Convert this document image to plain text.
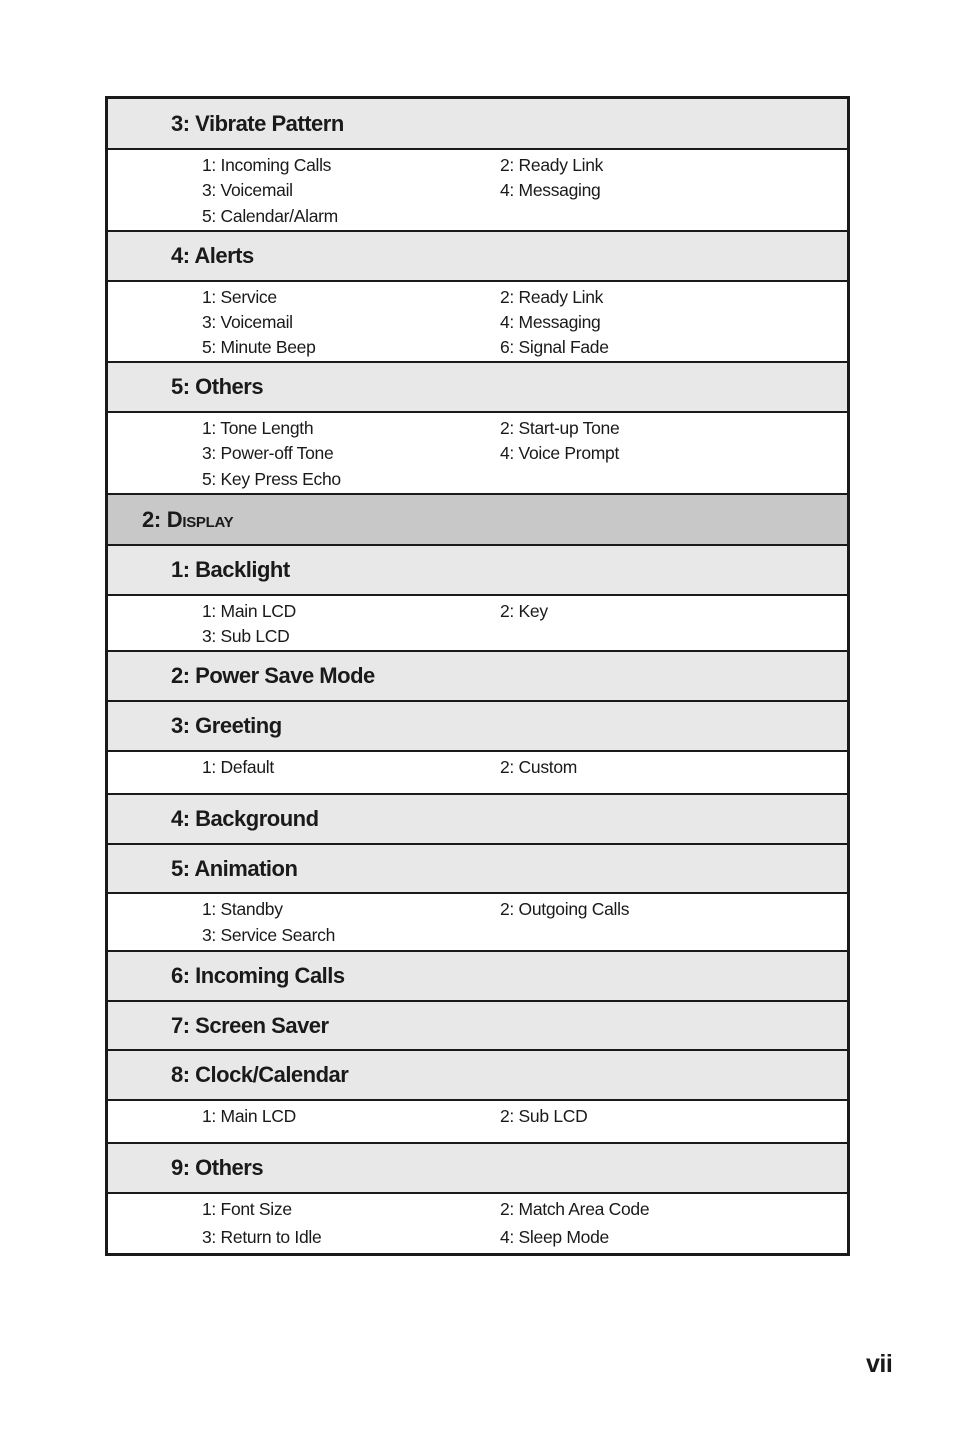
3: Vibrate Pattern
1: Incoming Calls	2: Ready Link
3: Voicemail	4: Messaging
5: Calendar/Alarm
4: Alerts
1: Service	2: Ready Link
3: Voicemail	4: Messaging
5: Minute Beep	6: Signal Fade
5: Others
1: Tone Length	2: Start-up Tone
3: Power-off Tone	4: Voice Prompt
5: Key Press Echo
2: Display
1: Backlight
1: Main LCD	2: Key
3: Sub LCD
2: Power Save Mode
3: Greeting
1: Default	2: Custom
4: Background
5: Animation
1: Standby	2: Outgoing Calls
3: Service Search
6: Incoming Calls
7: Screen Saver
8: Clock/Calendar
1: Main LCD	2: Sub LCD
9: Others
1: Font Size	2: Match Area Code
3: Return to Idle	4: Sleep Mode
vii
